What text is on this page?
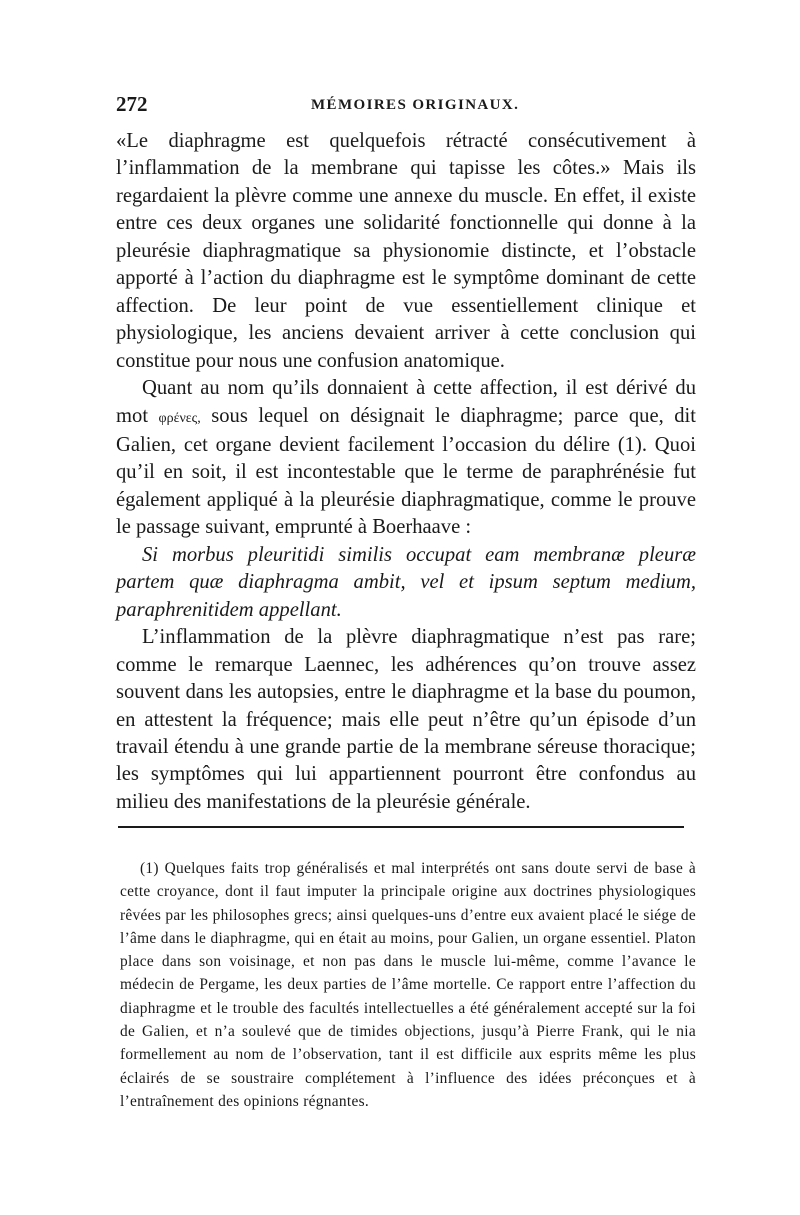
272	MÉMOIRES ORIGINAUX.

«Le diaphragme est quelquefois rétracté consécutivement à l’inflammation de la membrane qui tapisse les côtes.» Mais ils regardaient la plèvre comme une annexe du muscle. En effet, il existe entre ces deux organes une solidarité fonctionnelle qui donne à la pleurésie diaphragmatique sa physionomie distincte, et l’obstacle apporté à l’action du diaphragme est le symptôme dominant de cette affection. De leur point de vue essentiellement clinique et physiologique, les anciens devaient arriver à cette conclusion qui constitue pour nous une confusion anatomique.

Quant au nom qu’ils donnaient à cette affection, il est dérivé du mot φρένες, sous lequel on désignait le diaphragme; parce que, dit Galien, cet organe devient facilement l’occasion du délire (1). Quoi qu’il en soit, il est incontestable que le terme de paraphrénésie fut également appliqué à la pleurésie diaphragmatique, comme le prouve le passage suivant, emprunté à Boerhaave :

Si morbus pleuritidi similis occupat eam membranæ pleuræ partem quæ diaphragma ambit, vel et ipsum septum medium, paraphrenitidem appellant.

L’inflammation de la plèvre diaphragmatique n’est pas rare; comme le remarque Laennec, les adhérences qu’on trouve assez souvent dans les autopsies, entre le diaphragme et la base du poumon, en attestent la fréquence; mais elle peut n’être qu’un épisode d’un travail étendu à une grande partie de la membrane séreuse thoracique; les symptômes qui lui appartiennent pourront être confondus au milieu des manifestations de la pleurésie générale.

(1) Quelques faits trop généralisés et mal interprétés ont sans doute servi de base à cette croyance, dont il faut imputer la principale origine aux doctrines physiologiques rêvées par les philosophes grecs; ainsi quelques-uns d’entre eux avaient placé le siége de l’âme dans le diaphragme, qui en était au moins, pour Galien, un organe essentiel. Platon place dans son voisinage, et non pas dans le muscle lui-même, comme l’avance le médecin de Pergame, les deux parties de l’âme mortelle. Ce rapport entre l’affection du diaphragme et le trouble des facultés intellectuelles a été généralement accepté sur la foi de Galien, et n’a soulevé que de timides objections, jusqu’à Pierre Frank, qui le nia formellement au nom de l’observation, tant il est difficile aux esprits même les plus éclairés de se soustraire complétement à l’influence des idées préconçues et à l’entraînement des opinions régnantes.
